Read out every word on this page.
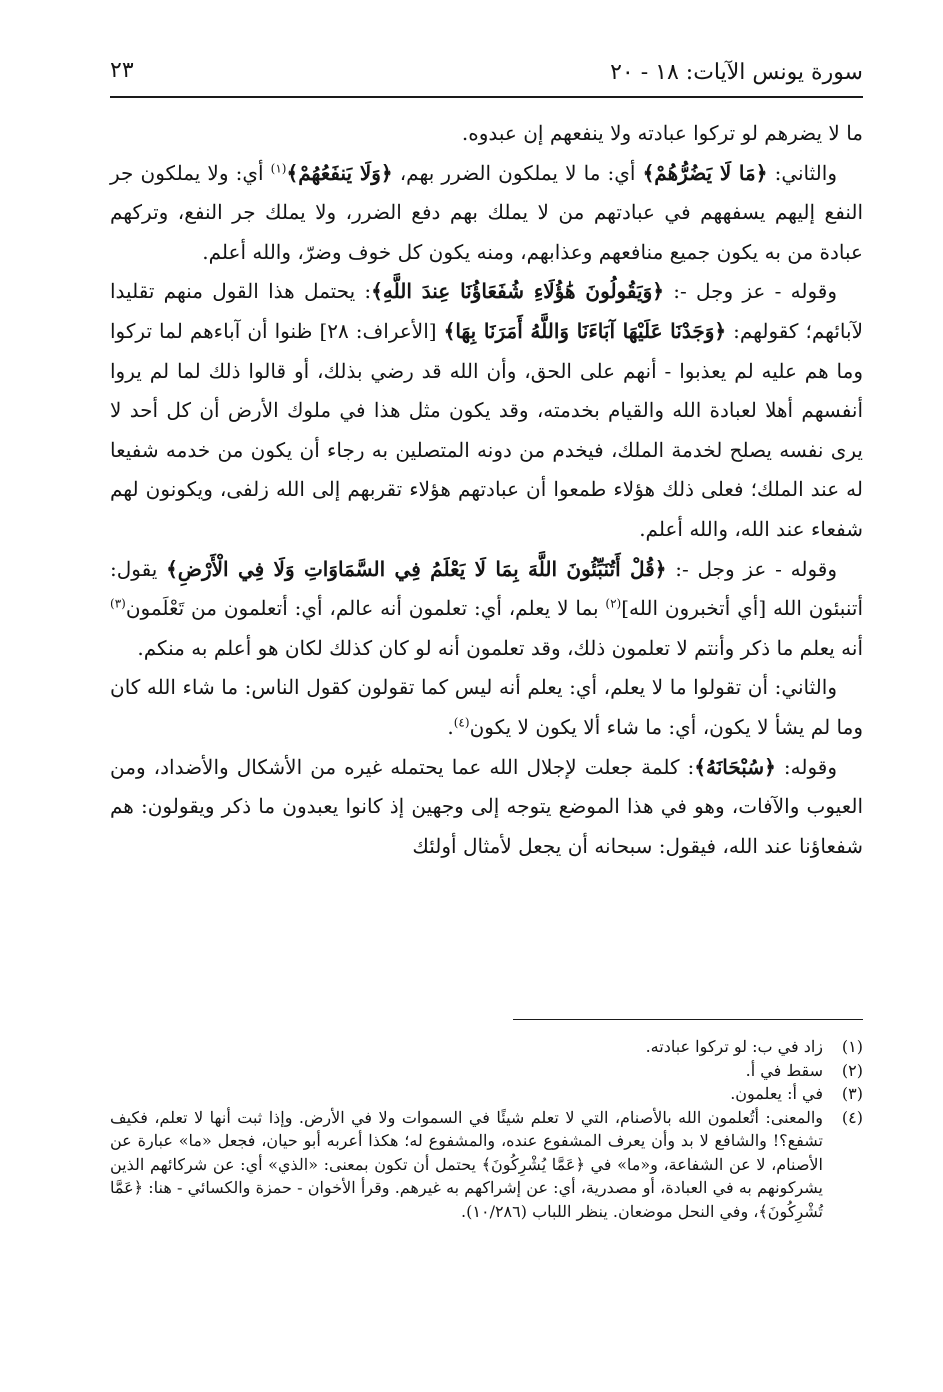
سورة يونس الآيات: ١٨ - ٢٠
٢٣

ما لا يضرهم لو تركوا عبادته ولا ينفعهم إن عبدوه.

والثاني: ﴿مَا لَا يَضُرُّهُمْ﴾ أي: ما لا يملكون الضرر بهم، ﴿وَلَا يَنفَعُهُمْ﴾$^{(١)}$ أي: ولا يملكون جر النفع إليهم يسفههم في عبادتهم من لا يملك بهم دفع الضرر، ولا يملك جر النفع، وتركهم عبادة من به يكون جميع منافعهم وعذابهم، ومنه يكون كل خوف وضرّ، والله أعلم.

وقوله - عز وجل -: ﴿وَيَقُولُونَ هَٰؤُلَاءِ شُفَعَاؤُنَا عِندَ اللَّهِ﴾: يحتمل هذا القول منهم تقليدا لآبائهم؛ كقولهم: ﴿وَجَدْنَا عَلَيْهَا آبَاءَنَا وَاللَّهُ أَمَرَنَا بِهَا﴾ [الأعراف: ٢٨] ظنوا أن آباءهم لما تركوا وما هم عليه لم يعذبوا - أنهم على الحق، وأن الله قد رضي بذلك، أو قالوا ذلك لما لم يروا أنفسهم أهلا لعبادة الله والقيام بخدمته، وقد يكون مثل هذا في ملوك الأرض أن كل أحد لا يرى نفسه يصلح لخدمة الملك، فيخدم من دونه المتصلين به رجاء أن يكون من خدمه شفيعا له عند الملك؛ فعلى ذلك هؤلاء طمعوا أن عبادتهم هؤلاء تقربهم إلى الله زلفى، ويكونون لهم شفعاء عند الله، والله أعلم.

وقوله - عز وجل -: ﴿قُلْ أَتُنَبِّئُونَ اللَّهَ بِمَا لَا يَعْلَمُ فِي السَّمَاوَاتِ وَلَا فِي الْأَرْضِ﴾ يقول: أتنبئون الله [أي أتخبرون الله]$^{(٢)}$ بما لا يعلم، أي: تعلمون أنه عالم، أي: أتعلمون من تَعْلَمون$^{(٣)}$ أنه يعلم ما ذكر وأنتم لا تعلمون ذلك، وقد تعلمون أنه لو كان كذلك لكان هو أعلم به منكم.

والثاني: أن تقولوا ما لا يعلم، أي: يعلم أنه ليس كما تقولون كقول الناس: ما شاء الله كان وما لم يشأ لا يكون، أي: ما شاء ألا يكون لا يكون$^{(٤)}$.

وقوله: ﴿سُبْحَانَهُ﴾: كلمة جعلت لإجلال الله عما يحتمله غيره من الأشكال والأضداد، ومن العيوب والآفات، وهو في هذا الموضع يتوجه إلى وجهين إذ كانوا يعبدون ما ذكر ويقولون: هم شفعاؤنا عند الله، فيقول: سبحانه أن يجعل لأمثال أولئك

(١)
زاد في ب: لو تركوا عبادته.
(٢)
سقط في أ.
(٣)
في أ: يعلمون.
(٤)
والمعنى: أتُعلمون الله بالأصنام، التي لا تعلم شيئًا في السموات ولا في الأرض. وإذا ثبت أنها لا تعلم، فكيف تشفع؟! والشافع لا بد وأن يعرف المشفوع عنده، والمشفوع له؛ هكذا أعربه أبو حيان، فجعل «ما» عبارة عن الأصنام، لا عن الشفاعة، و«ما» في ﴿عَمَّا يُشْرِكُونَ﴾ يحتمل أن تكون بمعنى: «الذي» أي: عن شركائهم الذين يشركونهم به في العبادة، أو مصدرية، أي: عن إشراكهم به غيرهم. وقرأ الأخوان - حمزة والكسائي - هنا: ﴿عَمَّا تُشْرِكُونَ﴾، وفي النحل موضعان. ينظر اللباب (١٠/٢٨٦).
